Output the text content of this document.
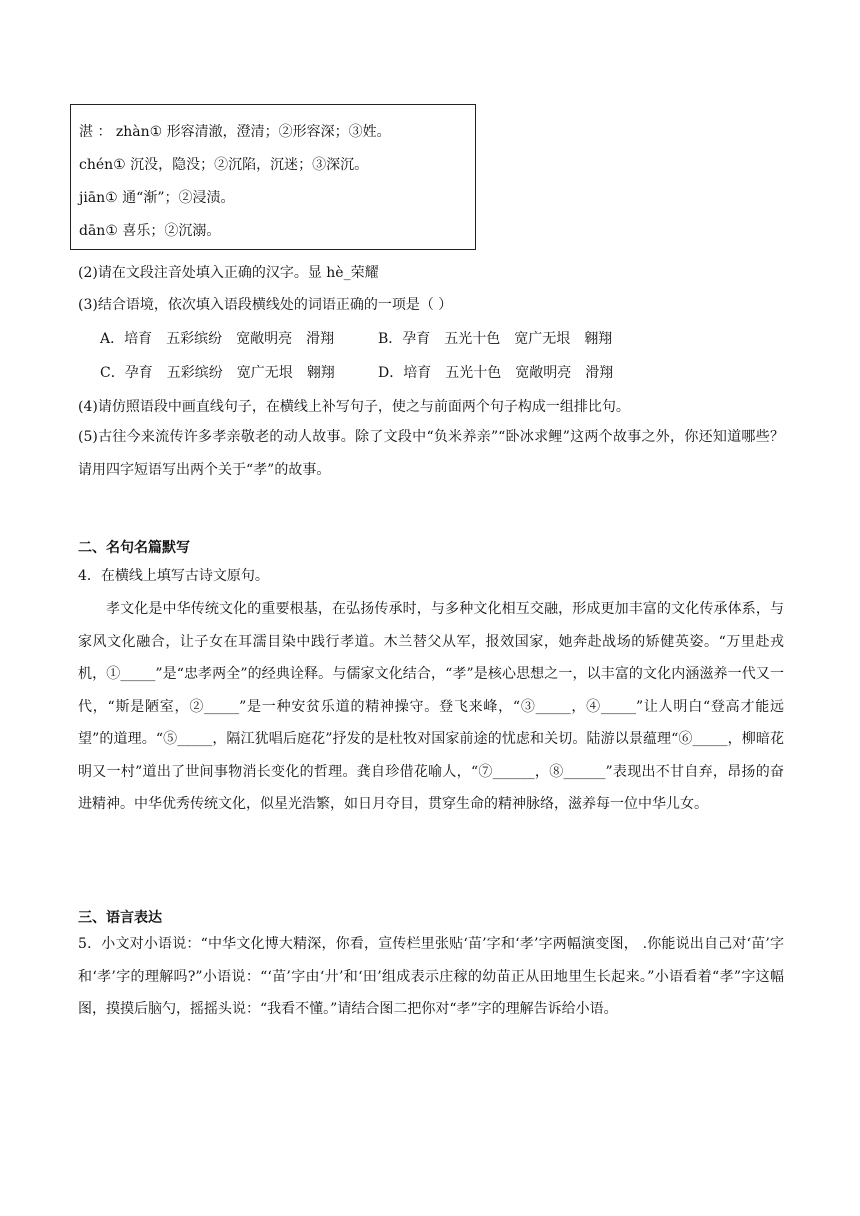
湛 ： zhàn① 形容清澈，澄清；②形容深；③姓。
chén① 沉没，隐没；②沉陷，沉迷；③深沉。
jiān① 通“渐”；②浸渍。
dān① 喜乐；②沉溺。
(2)请在文段注音处填入正确的汉字。显 hè_荣耀
(3)结合语境，依次填入语段横线处的词语正确的一项是（ ）
A．培育　五彩缤纷　宽敞明亮　滑翔	B．孕育　五光十色　宽广无垠　翱翔
C．孕育　五彩缤纷　宽广无垠　翱翔	D．培育　五光十色　宽敞明亮　滑翔
(4)请仿照语段中画直线句子，在横线上补写句子，使之与前面两个句子构成一组排比句。

(5)古往今来流传许多孝亲敬老的动人故事。除了文段中“负米养亲”“卧冰求鲤”这两个故事之外，你还知道哪些？请用四字短语写出两个关于“孝”的故事。

二、名句名篇默写
4．在横线上填写古诗文原句。

孝文化是中华传统文化的重要根基，在弘扬传承时，与多种文化相互交融，形成更加丰富的文化传承体系，与家风文化融合，让子女在耳濡目染中践行孝道。木兰替父从军，报效国家，她奔赴战场的矫健英姿。“万里赴戎机，①_____”是“忠孝两全”的经典诠释。与儒家文化结合，“孝”是核心思想之一，以丰富的文化内涵滋养一代又一代，“斯是陋室，②_____”是一种安贫乐道的精神操守。登飞来峰，“③_____，④_____”让人明白“登高才能远望”的道理。“⑤_____，隔江犹唱后庭花”抒发的是杜牧对国家前途的忧虑和关切。陆游以景蕴理“⑥_____，柳暗花明又一村”道出了世间事物消长变化的哲理。龚自珍借花喻人，“⑦______，⑧______”表现出不甘自弃，昂扬的奋进精神。中华优秀传统文化，似星光浩繁，如日月夺目，贯穿生命的精神脉络，滋养每一位中华儿女。

三、语言表达

5．小文对小语说：“中华文化博大精深，你看，宣传栏里张贴‘苗’字和‘孝’字两幅演变图， .你能说出自己对‘苗’字和‘孝’字的理解吗?”小语说：“‘苗’字由‘廾’和‘田’组成表示庄稼的幼苗正从田地里生长起来。”小语看着“孝”字这幅图，摸摸后脑勺，摇摇头说：“我看不懂。”请结合图二把你对“孝”字的理解告诉给小语。
